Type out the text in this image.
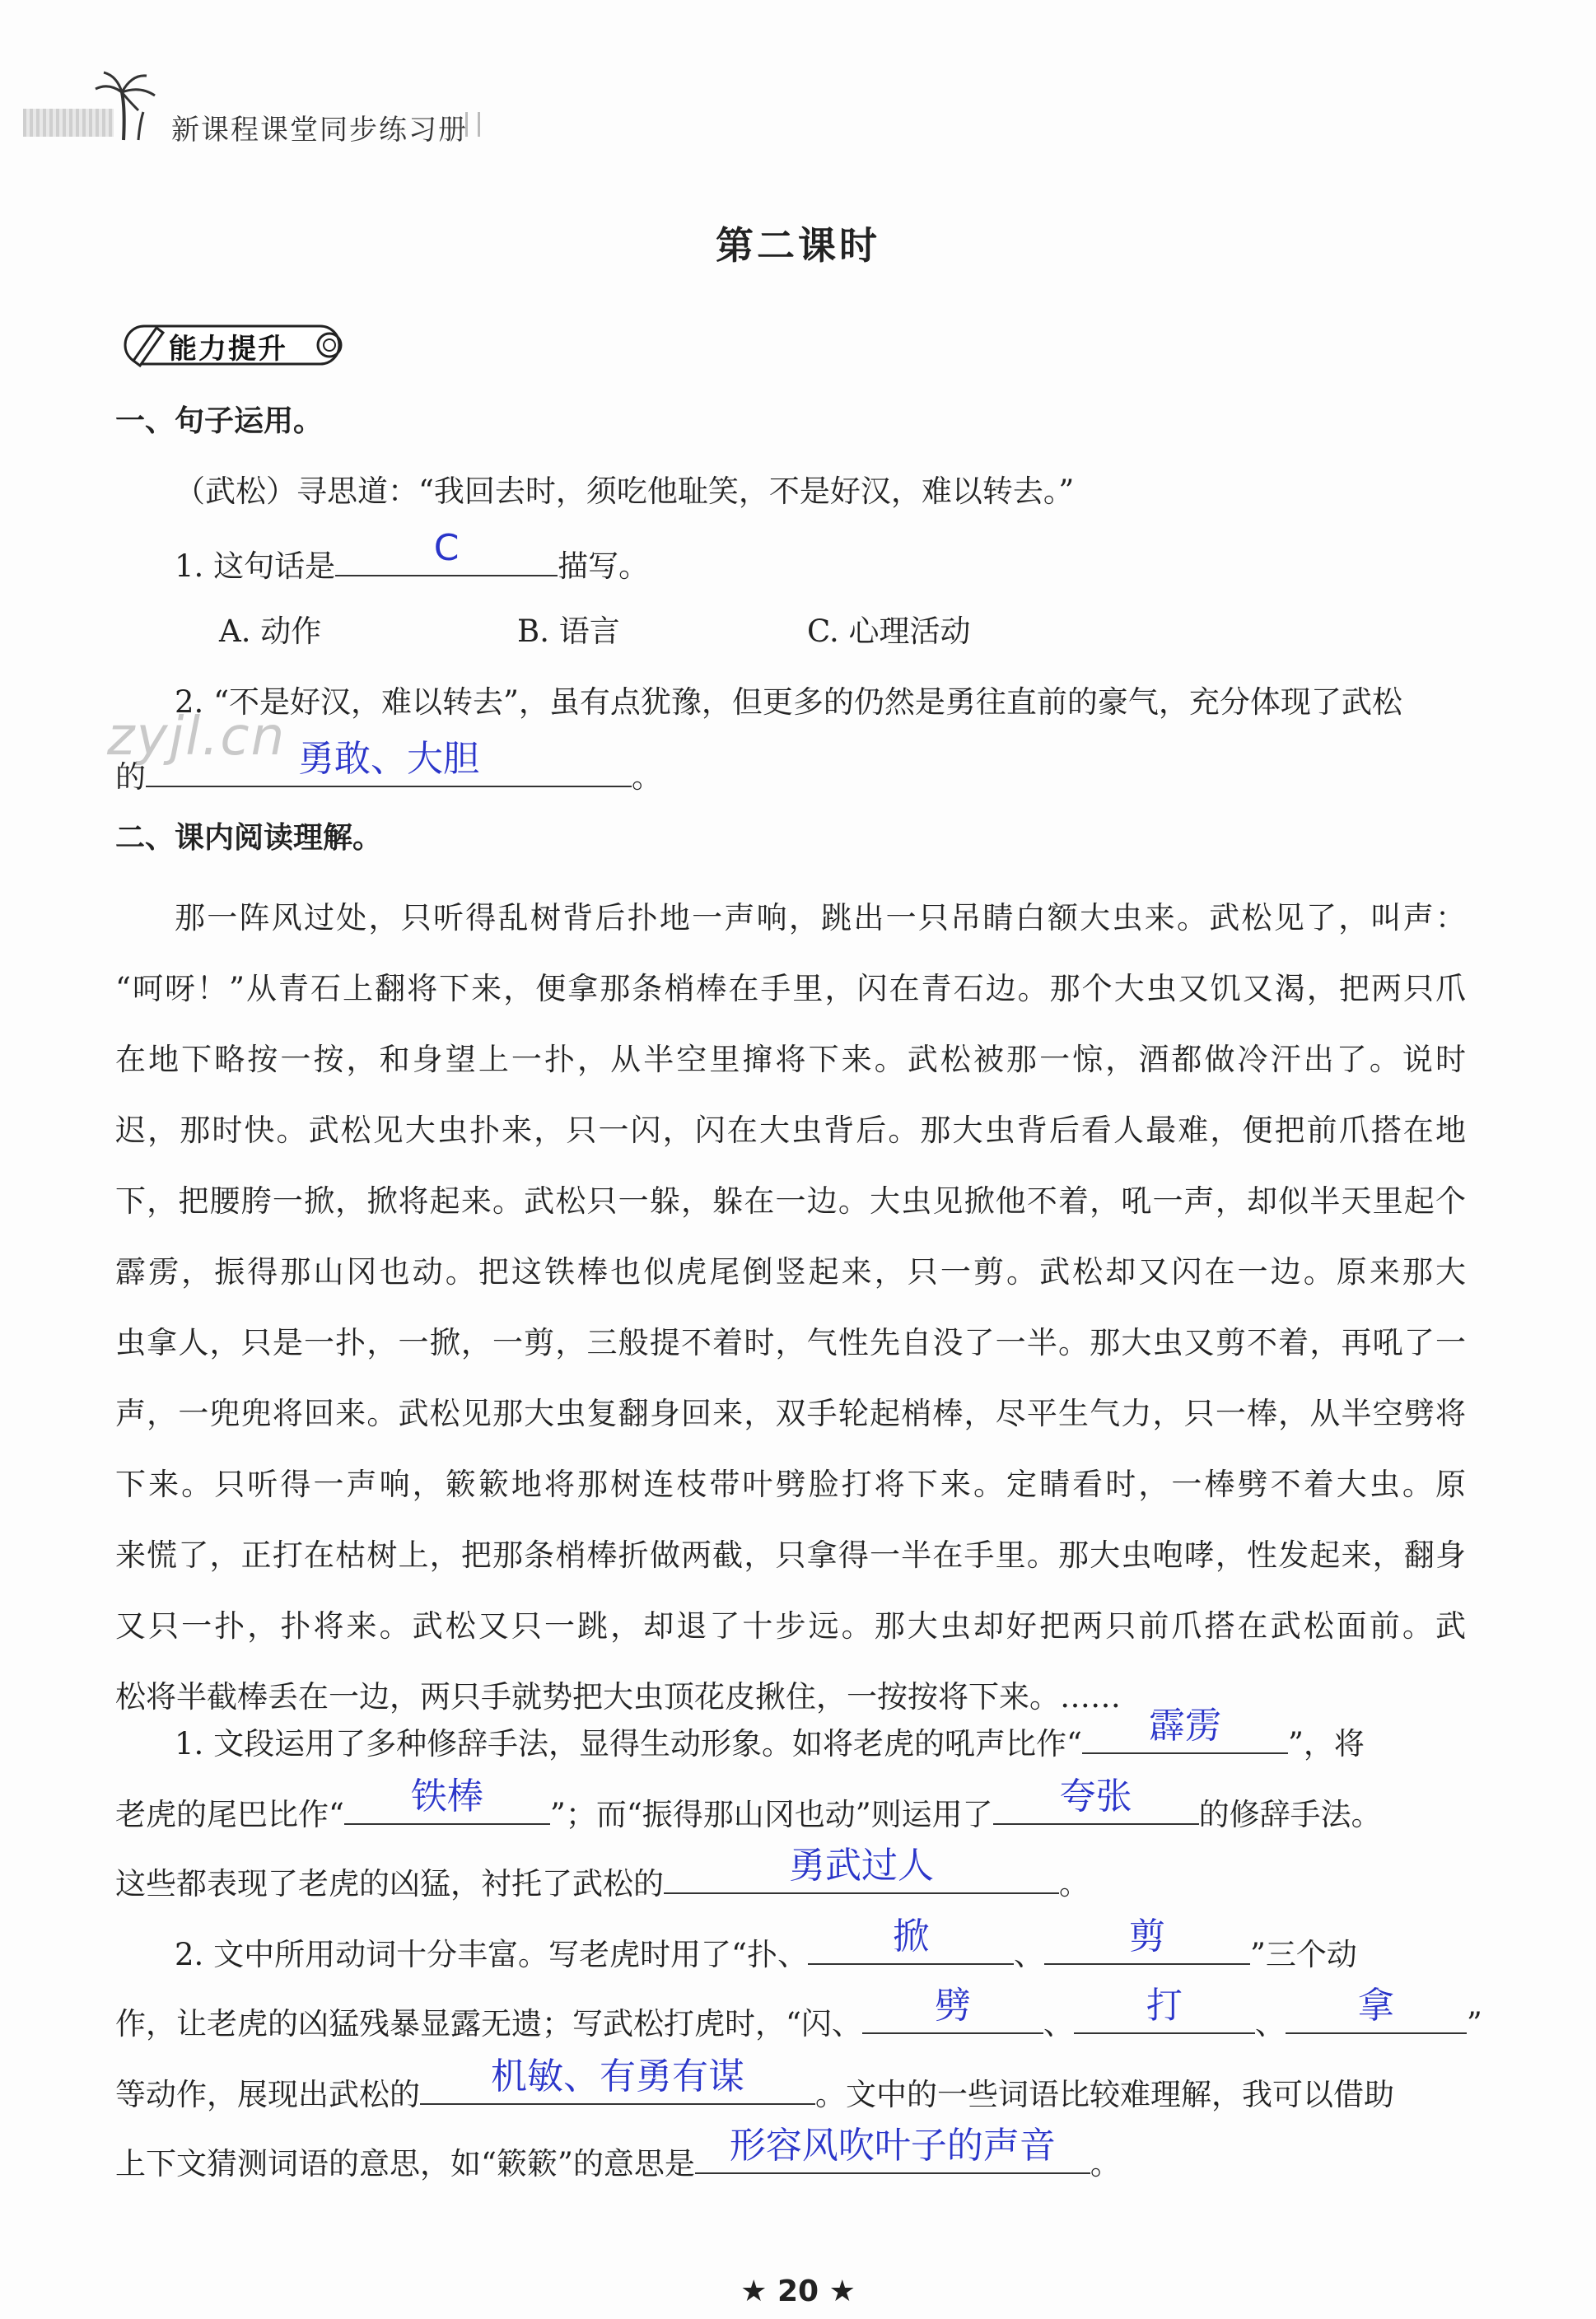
新课程课堂同步练习册
第二课时
能力提升
一、句子运用。
（武松）寻思道：“我回去时，须吃他耻笑，不是好汉，难以转去。”
1. 这句话是	C	描写。
A. 动作	B. 语言	C. 心理活动
2. “不是好汉，难以转去”，虽有点犹豫，但更多的仍然是勇往直前的豪气，充分体现了武松
zyjl.cn
的	勇敢、大胆	。
二、课内阅读理解。
那一阵风过处，只听得乱树背后扑地一声响，跳出一只吊睛白额大虫来。武松见了，叫声：
“呵呀！”从青石上翻将下来，便拿那条梢棒在手里，闪在青石边。那个大虫又饥又渴，把两只爪
在地下略按一按，和身望上一扑，从半空里撺将下来。武松被那一惊，酒都做冷汗出了。说时
迟，那时快。武松见大虫扑来，只一闪，闪在大虫背后。那大虫背后看人最难，便把前爪搭在地
下，把腰胯一掀，掀将起来。武松只一躲，躲在一边。大虫见掀他不着，吼一声，却似半天里起个
霹雳，振得那山冈也动。把这铁棒也似虎尾倒竖起来，只一剪。武松却又闪在一边。原来那大
虫拿人，只是一扑，一掀，一剪，三般提不着时，气性先自没了一半。那大虫又剪不着，再吼了一
声，一兜兜将回来。武松见那大虫复翻身回来，双手轮起梢棒，尽平生气力，只一棒，从半空劈将
下来。只听得一声响，簌簌地将那树连枝带叶劈脸打将下来。定睛看时，一棒劈不着大虫。原
来慌了，正打在枯树上，把那条梢棒折做两截，只拿得一半在手里。那大虫咆哮，性发起来，翻身
又只一扑，扑将来。武松又只一跳，却退了十步远。那大虫却好把两只前爪搭在武松面前。武
松将半截棒丢在一边，两只手就势把大虫顶花皮揪住，一按按将下来。……
1. 文段运用了多种修辞手法，显得生动形象。如将老虎的吼声比作“	霹雳	”，将
老虎的尾巴比作“	铁棒	”；而“振得那山冈也动”则运用了	夸张	的修辞手法。
这些都表现了老虎的凶猛，衬托了武松的	勇武过人	。
2. 文中所用动词十分丰富。写老虎时用了“扑、	掀	、	剪	”三个动
作，让老虎的凶猛残暴显露无遗；写武松打虎时，“闪、	劈	、	打	、	拿	”
等动作，展现出武松的	机敏、有勇有谋	。文中的一些词语比较难理解，我可以借助
上下文猜测词语的意思，如“簌簌”的意思是 形容风吹叶子的声音	。
★ 20 ★
